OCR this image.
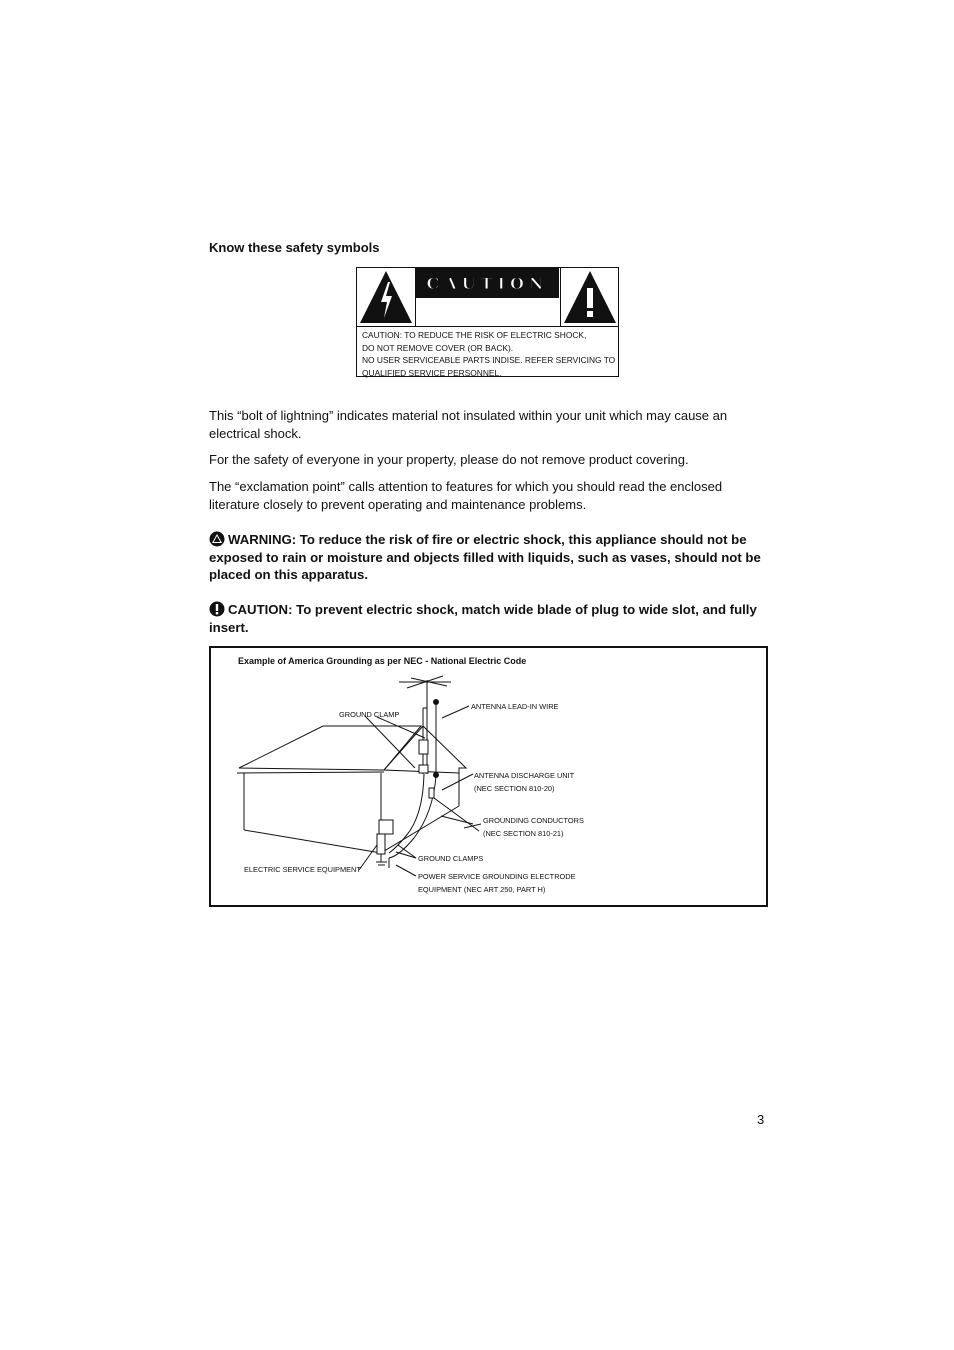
Know these safety symbols
CAUTION
CAUTION: TO REDUCE THE RISK OF ELECTRIC SHOCK,
DO NOT REMOVE COVER (OR BACK).
NO USER SERVICEABLE PARTS INDISE. REFER SERVICING TO
QUALIFIED SERVICE PERSONNEL.
This “bolt of lightning” indicates material not insulated within your unit which may cause an electrical shock.
For the safety of everyone in your property, please do not remove product covering.
The “exclamation point” calls attention to features for which you should read the enclosed literature closely to prevent operating and maintenance problems.
WARNING: To reduce the risk of fire or electric shock, this appliance should not be exposed to rain or moisture and objects filled with liquids, such as vases, should not be placed on this apparatus.
CAUTION: To prevent electric shock, match wide blade of plug to wide slot, and fully insert.
Example of America Grounding as per NEC - National Electric Code
GROUND CLAMP
ANTENNA LEAD-IN WIRE
ANTENNA DISCHARGE UNIT
(NEC SECTION 810-20)
GROUNDING CONDUCTORS
(NEC SECTION 810-21)
GROUND CLAMPS
ELECTRIC SERVICE EQUIPMENT
POWER SERVICE GROUNDING ELECTRODE
EQUIPMENT (NEC ART 250, PART H)
3
